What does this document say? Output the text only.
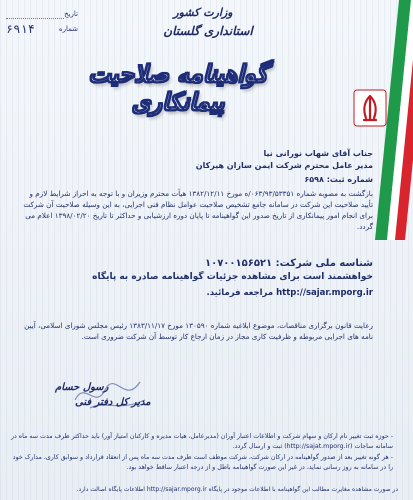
تاریخ
شماره
۶۹۱۴
وزارت کشور
استانداری گلستان
گواهینامه صلاحیت پیمانکاری
جناب آقای شهاب نورانی نیا
مدیر عامل محترم شرکت ایمن سازان هیرکان
شماره ثبت: ۶۵۹۸
بازگشت به مصوبه شماره ۰۶۳/۹۳/۵۳۳۵۱/ه مورخ ۱۳۸۲/۱۲/۱۱ هیأت محترم وزیران و با توجه به احراز شرایط لازم و تأیید صلاحیت این شرکت در سامانه جامع تشخیص صلاحیت عوامل نظام فنی اجرایی، به این وسیله صلاحیت آن شرکت برای انجام امور پیمانکاری از تاریخ صدور این گواهینامه تا پایان دوره ارزشیابی و حداکثر تا تاریخ ۱۳۹۸/۰۲/۲۰ اعلام می گردد.
شناسه ملی شرکت: ۱۰۷۰۰۱۵۶۵۲۱
خواهشمند است برای مشاهده جزئیات گواهینامه صادره به پایگاه
http://sajar.mporg.ir مراجعه فرمائید.
رعایت قانون برگزاری مناقصات، موضوع ابلاغیه شماره ۱۳۰۵۹۰ مورخ ۱۳۸۳/۱۱/۱۷ رئیس مجلس شورای اسلامی، آیین نامه های اجرایی مربوطه و ظرفیت کاری مجاز در زمان ارجاع کار توسط آن شرکت ضروری است.
رسول حسام
مدیر کل دفتر فنی
- حوزه ثبت تغییر نام ارکان و سهام شرکت و اطلاعات اعتبار آوران (مدیرعامل، هیات مدیره و کارکنان امتیاز آور) باید حداکثر ظرف مدت سه ماه در سامانه ساجات (http://sajat.mporg.ir) ثبت و ارسال گردد.
- هر گونه تغییر بعد از صدور گواهینامه در ارکان شرکت، شرکت موظف است ظرف مدت سه ماه پس از انعقاد قرارداد و سوابق کاری، مدارک خود را در سامانه به روز رسانی نماید، در غیر این صورت گواهینامه باطل و از درجه اعتبار ساقط خواهد بود.
در صورت مشاهده مغایرت مطالب این گواهینامه با اطلاعات موجود در پایگاه http://sajar.mporg.ir اطلاعات پایگاه اصالت دارد.
